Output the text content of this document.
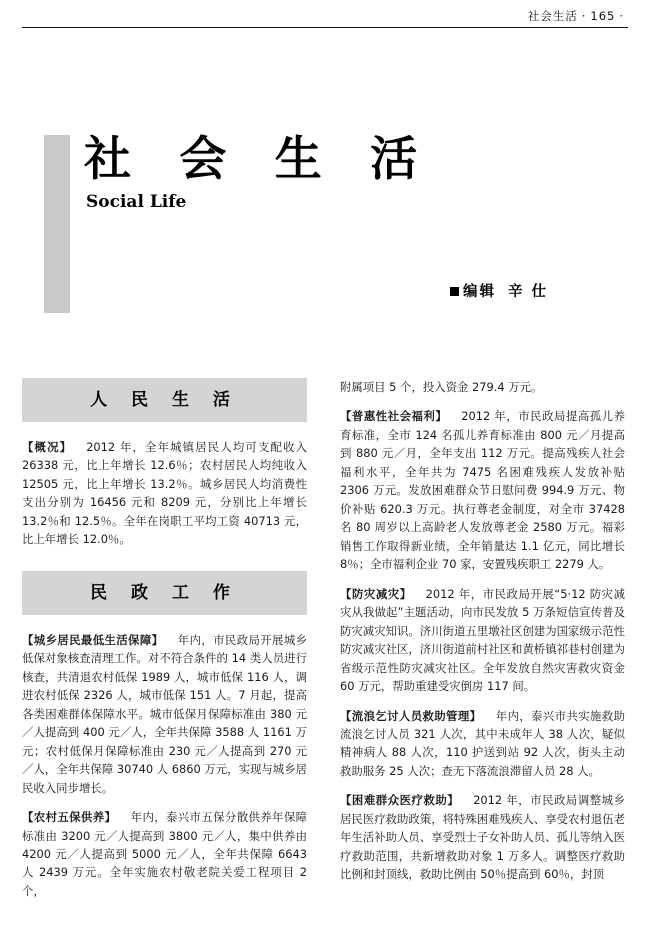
社会生活 · 165 ·
社 会 生 活
Social Life
编辑 辛 仕
人 民 生 活

【概况】 2012 年，全年城镇居民人均可支配收入 26338 元，比上年增长 12.6％；农村居民人均纯收入 12505 元，比上年增长 13.2％。城乡居民人均消费性支出分别为 16456 元和 8209 元，分别比上年增长 13.2％和 12.5％。全年在岗职工平均工资 40713 元，比上年增长 12.0％。

民 政 工 作

【城乡居民最低生活保障】 年内，市民政局开展城乡低保对象核查清理工作。对不符合条件的 14 类人员进行核查，共清退农村低保 1989 人，城市低保 116 人，调进农村低保 2326 人，城市低保 151 人。7 月起，提高各类困难群体保障水平。城市低保月保障标准由 380 元／人提高到 400 元／人，全年共保障 3588 人 1161 万元；农村低保月保障标准由 230 元／人提高到 270 元／人，全年共保障 30740 人 6860 万元，实现与城乡居民收入同步增长。

【农村五保供养】 年内，泰兴市五保分散供养年保障标准由 3200 元／人提高到 3800 元／人，集中供养由 4200 元／人提高到 5000 元／人，全年共保障 6643 人 2439 万元。全年实施农村敬老院关爱工程项目 2 个，

附属项目 5 个，投入资金 279.4 万元。

【普惠性社会福利】 2012 年，市民政局提高孤儿养育标准，全市 124 名孤儿养育标准由 800 元／月提高到 880 元／月，全年支出 112 万元。提高残疾人社会福利水平，全年共为 7475 名困难残疾人发放补贴 2306 万元。发放困难群众节日慰问费 994.9 万元、物价补贴 620.3 万元。执行尊老金制度，对全市 37428 名 80 周岁以上高龄老人发放尊老金 2580 万元。福彩销售工作取得新业绩，全年销量达 1.1 亿元，同比增长 8％；全市福利企业 70 家，安置残疾职工 2279 人。

【防灾减灾】 2012 年，市民政局开展“5·12 防灾减灾从我做起”主题活动，向市民发放 5 万条短信宣传普及防灾减灾知识。济川街道五里墩社区创建为国家级示范性防灾减灾社区，济川街道前村社区和黄桥镇祁巷村创建为省级示范性防灾减灾社区。全年发放自然灾害救灾资金 60 万元，帮助重建受灾倒房 117 间。

【流浪乞讨人员救助管理】 年内，泰兴市共实施救助流浪乞讨人员 321 人次，其中未成年人 38 人次，疑似精神病人 88 人次，110 护送到站 92 人次，街头主动救助服务 25 人次；查无下落流浪滞留人员 28 人。

【困难群众医疗救助】 2012 年，市民政局调整城乡居民医疗救助政策，将特殊困难残疾人、享受农村退伍老年生活补助人员、享受烈士子女补助人员、孤儿等纳入医疗救助范围，共新增救助对象 1 万多人。调整医疗救助比例和封顶线，救助比例由 50％提高到 60％，封顶
